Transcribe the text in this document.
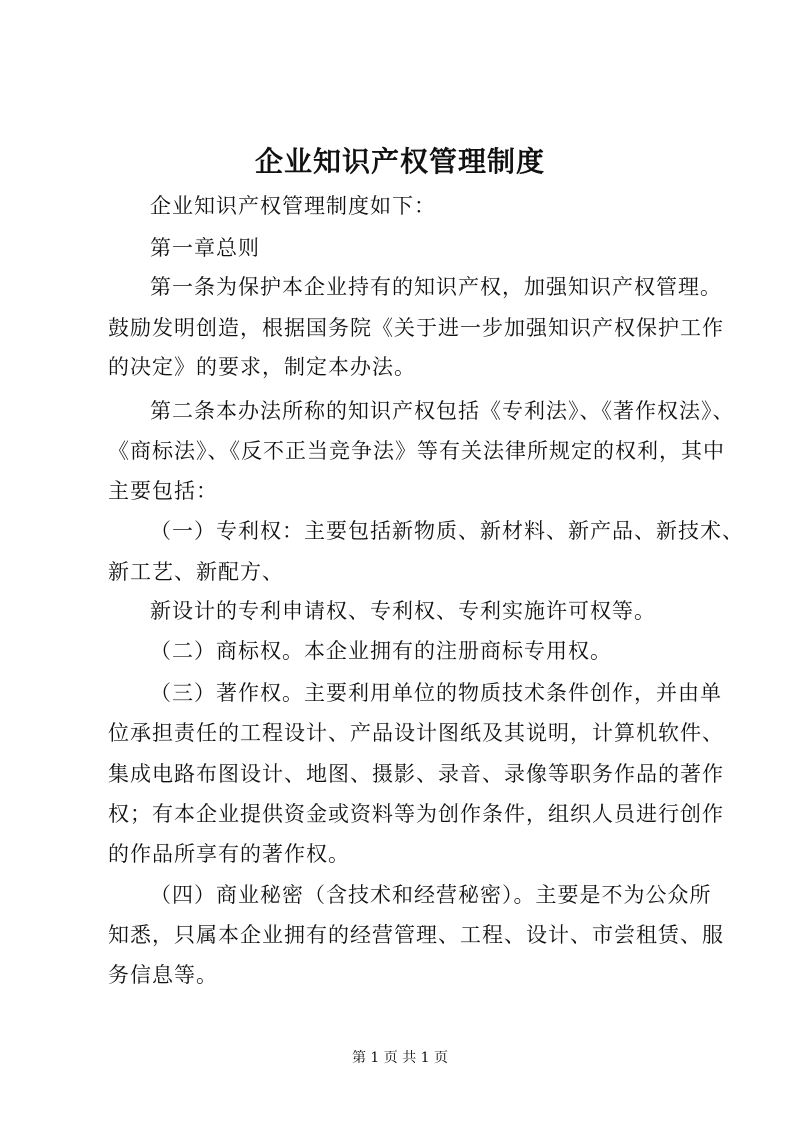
企业知识产权管理制度
企业知识产权管理制度如下：
第一章总则
第一条为保护本企业持有的知识产权，加强知识产权管理。
鼓励发明创造，根据国务院《关于进一步加强知识产权保护工作
的决定》的要求，制定本办法。
第二条本办法所称的知识产权包括《专利法》、《著作权法》、
《商标法》、《反不正当竞争法》等有关法律所规定的权利，其中
主要包括：
（一）专利权：主要包括新物质、新材料、新产品、新技术、
新工艺、新配方、
新设计的专利申请权、专利权、专利实施许可权等。
（二）商标权。本企业拥有的注册商标专用权。
（三）著作权。主要利用单位的物质技术条件创作，并由单
位承担责任的工程设计、产品设计图纸及其说明，计算机软件、
集成电路布图设计、地图、摄影、录音、录像等职务作品的著作
权；有本企业提供资金或资料等为创作条件，组织人员进行创作
的作品所享有的著作权。
（四）商业秘密（含技术和经营秘密）。主要是不为公众所
知悉，只属本企业拥有的经营管理、工程、设计、市尝租赁、服
务信息等。
第 1 页 共 1 页
